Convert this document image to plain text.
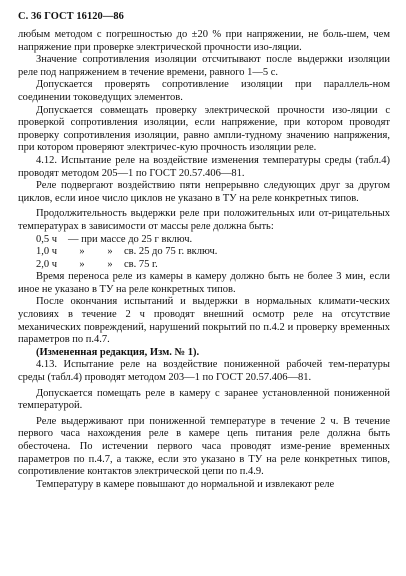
С. 36 ГОСТ 16120—86

любым методом с погрешностью до ±20 % при напряжении, не боль-шем, чем напряжение при проверке электрической прочности изо-ляции.

Значение сопротивления изоляции отсчитывают после выдержки изоляции реле под напряжением в течение времени, равного 1—5 с.

Допускается проверять сопротивление изоляции при параллель-ном соединении токоведущих элементов.

Допускается совмещать проверку электрической прочности изо-ляции с проверкой сопротивления изоляции, если напряжение, при котором проводят проверку сопротивления изоляции, равно ампли-тудному значению напряжения, при котором проверяют электричес-кую прочность изоляции реле.

4.12. Испытание реле на воздействие изменения температуры среды (табл.4) проводят методом 205—1 по ГОСТ 20.57.406—81.

Реле подвергают воздействию пяти непрерывно следующих друг за другом циклов, если иное число циклов не указано в ТУ на реле конкретных типов.

Продолжительность выдержки реле при положительных или от-рицательных температурах в зависимости от массы реле должна быть:

0,5 ч	— при массе до 25 г включ.
1,0 ч	»	»	св. 25 до 75 г. включ.
2,0 ч	»	»	св. 75 г.

Время переноса реле из камеры в камеру должно быть не более 3 мин, если иное не указано в ТУ на реле конкретных типов.

После окончания испытаний и выдержки в нормальных климати-ческих условиях в течение 2 ч проводят внешний осмотр реле на отсутствие механических повреждений, нарушений покрытий по п.4.2 и проверку временных параметров по п.4.7.

(Измененная редакция, Изм. № 1).

4.13. Испытание реле на воздействие пониженной рабочей тем-пературы среды (табл.4) проводят методом 203—1 по ГОСТ 20.57.406—81.

Допускается помещать реле в камеру с заранее установленной пониженной температурой.

Реле выдерживают при пониженной температуре в течение 2 ч. В течение первого часа нахождения реле в камере цепь питания реле должна быть обесточена. По истечении первого часа проводят изме-рение временных параметров по п.4.7, а также, если это указано в ТУ на реле конкретных типов, сопротивление контактов электрической цепи по п.4.9.

Температуру в камере повышают до нормальной и извлекают реле
